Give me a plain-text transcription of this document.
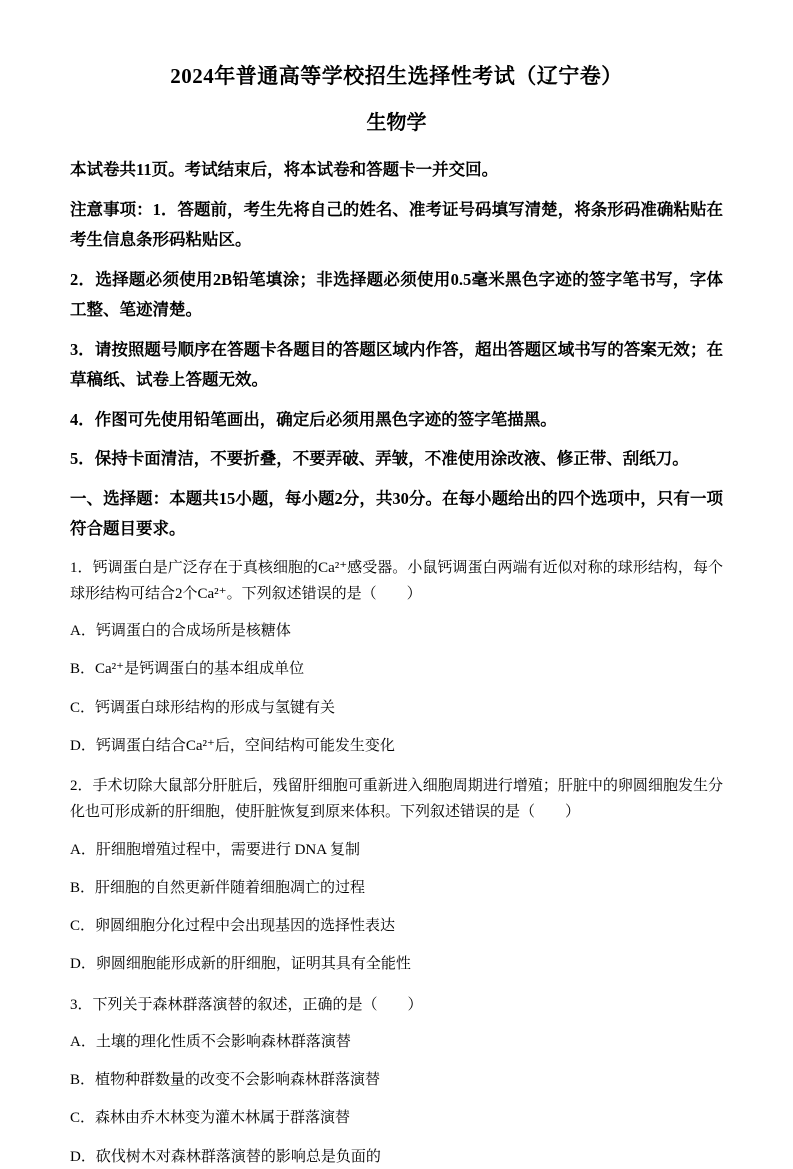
2024年普通高等学校招生选择性考试（辽宁卷）
生物学

本试卷共11页。考试结束后，将本试卷和答题卡一并交回。

注意事项：1．答题前，考生先将自己的姓名、准考证号码填写清楚，将条形码准确粘贴在考生信息条形码粘贴区。

2．选择题必须使用2B铅笔填涂；非选择题必须使用0.5毫米黑色字迹的签字笔书写，字体工整、笔迹清楚。

3．请按照题号顺序在答题卡各题目的答题区域内作答，超出答题区域书写的答案无效；在草稿纸、试卷上答题无效。

4．作图可先使用铅笔画出，确定后必须用黑色字迹的签字笔描黑。

5．保持卡面清洁，不要折叠，不要弄破、弄皱，不准使用涂改液、修正带、刮纸刀。

一、选择题：本题共15小题，每小题2分，共30分。在每小题给出的四个选项中，只有一项符合题目要求。

1．钙调蛋白是广泛存在于真核细胞的Ca²⁺感受器。小鼠钙调蛋白两端有近似对称的球形结构，每个球形结构可结合2个Ca²⁺。下列叙述错误的是（　　）

A．钙调蛋白的合成场所是核糖体

B．Ca²⁺是钙调蛋白的基本组成单位

C．钙调蛋白球形结构的形成与氢键有关

D．钙调蛋白结合Ca²⁺后，空间结构可能发生变化

2．手术切除大鼠部分肝脏后，残留肝细胞可重新进入细胞周期进行增殖；肝脏中的卵圆细胞发生分化也可形成新的肝细胞，使肝脏恢复到原来体积。下列叙述错误的是（　　）

A．肝细胞增殖过程中，需要进行 DNA 复制

B．肝细胞的自然更新伴随着细胞凋亡的过程

C．卵圆细胞分化过程中会出现基因的选择性表达

D．卵圆细胞能形成新的肝细胞，证明其具有全能性

3．下列关于森林群落演替的叙述，正确的是（　　）

A．土壤的理化性质不会影响森林群落演替

B．植物种群数量的改变不会影响森林群落演替

C．森林由乔木林变为灌木林属于群落演替

D．砍伐树木对森林群落演替的影响总是负面的
